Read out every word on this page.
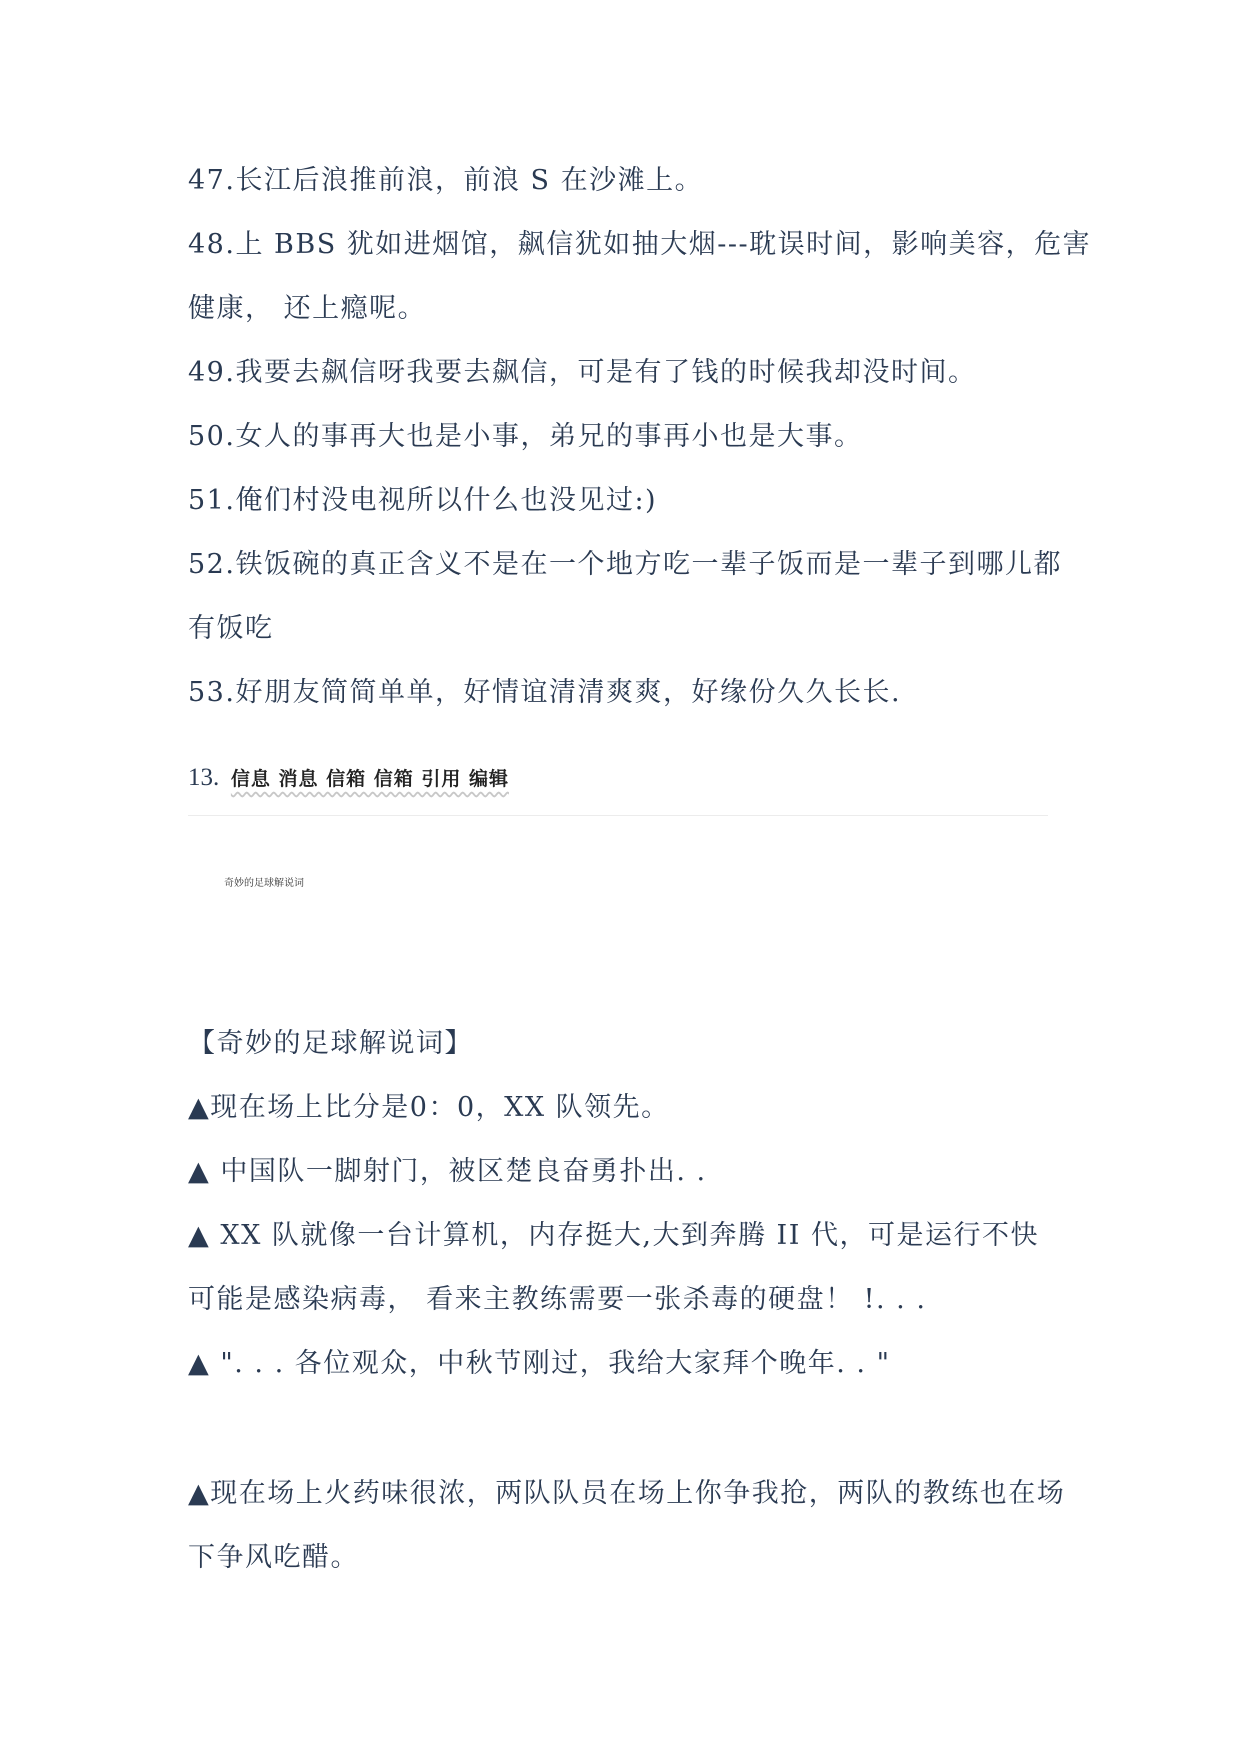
47.长江后浪推前浪，前浪 S 在沙滩上。
48.上 BBS 犹如进烟馆，飙信犹如抽大烟---耽误时间，影响美容，危害
健康， 还上瘾呢。
49.我要去飙信呀我要去飙信，可是有了钱的时候我却没时间。
50.女人的事再大也是小事，弟兄的事再小也是大事。
51.俺们村没电视所以什么也没见过:)
52.铁饭碗的真正含义不是在一个地方吃一辈子饭而是一辈子到哪儿都
有饭吃
53.好朋友简简单单，好情谊清清爽爽，好缘份久久长长.
13. 信息 消息 信箱 信箱 引用 编辑
奇妙的足球解说词
【奇妙的足球解说词】
▲现在场上比分是0：0，XX 队领先。
▲ 中国队一脚射门，被区楚良奋勇扑出. .
▲ XX 队就像一台计算机，内存挺大,大到奔腾 II 代，可是运行不快
可能是感染病毒， 看来主教练需要一张杀毒的硬盘！ !. . .
▲ ". . . 各位观众，中秋节刚过，我给大家拜个晚年. . "
▲现在场上火药味很浓，两队队员在场上你争我抢，两队的教练也在场
下争风吃醋。
